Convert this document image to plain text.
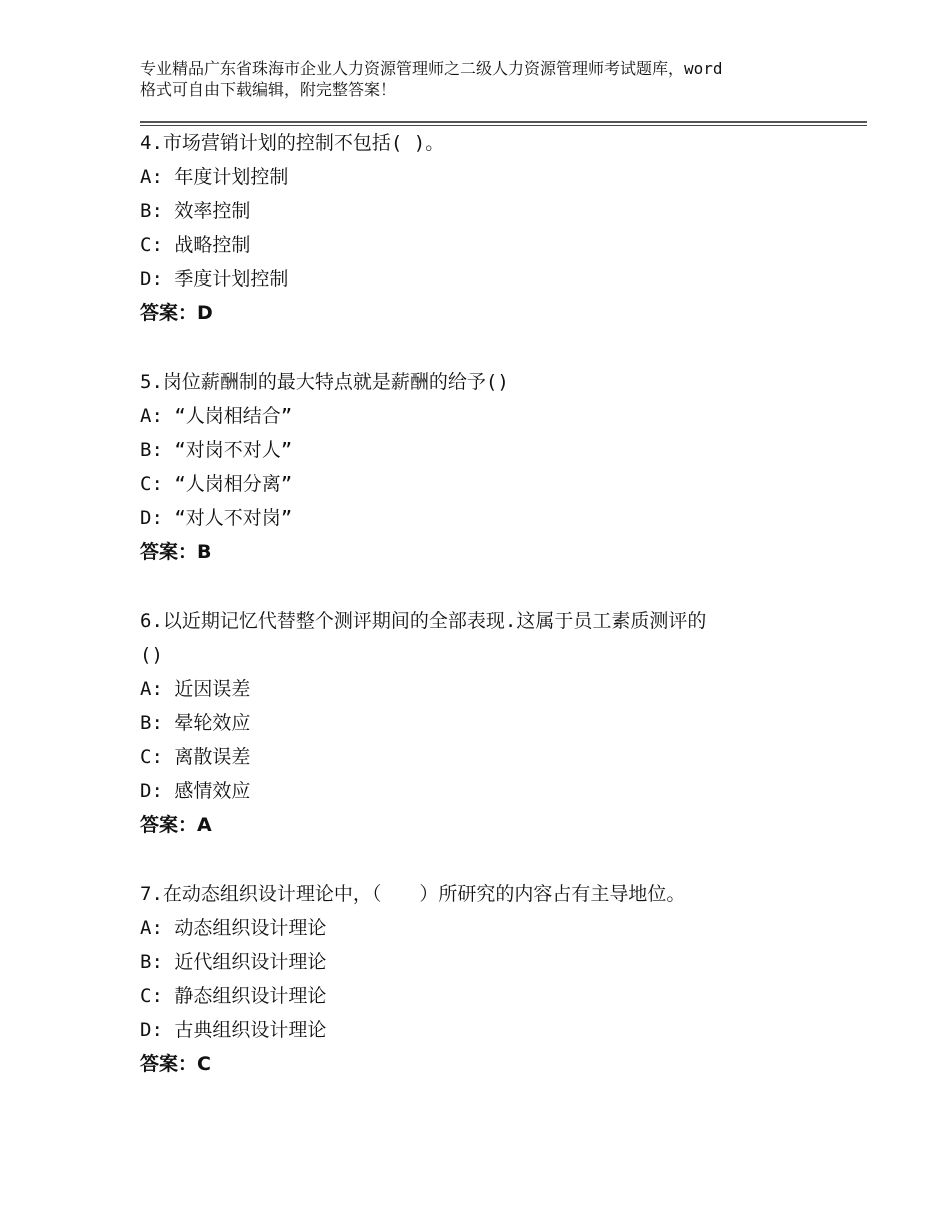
专业精品广东省珠海市企业人力资源管理师之二级人力资源管理师考试题库，word
格式可自由下载编辑，附完整答案！
4.市场营销计划的控制不包括( )。
A: 年度计划控制
B: 效率控制
C: 战略控制
D: 季度计划控制
答案：D
5.岗位薪酬制的最大特点就是薪酬的给予()
A: “人岗相结合”
B: “对岗不对人”
C: “人岗相分离”
D: “对人不对岗”
答案：B
6.以近期记忆代替整个测评期间的全部表现.这属于员工素质测评的
()
A: 近因误差
B: 晕轮效应
C: 离散误差
D: 感情效应
答案：A
7.在动态组织设计理论中，（　　）所研究的内容占有主导地位。
A: 动态组织设计理论
B: 近代组织设计理论
C: 静态组织设计理论
D: 古典组织设计理论
答案：C
